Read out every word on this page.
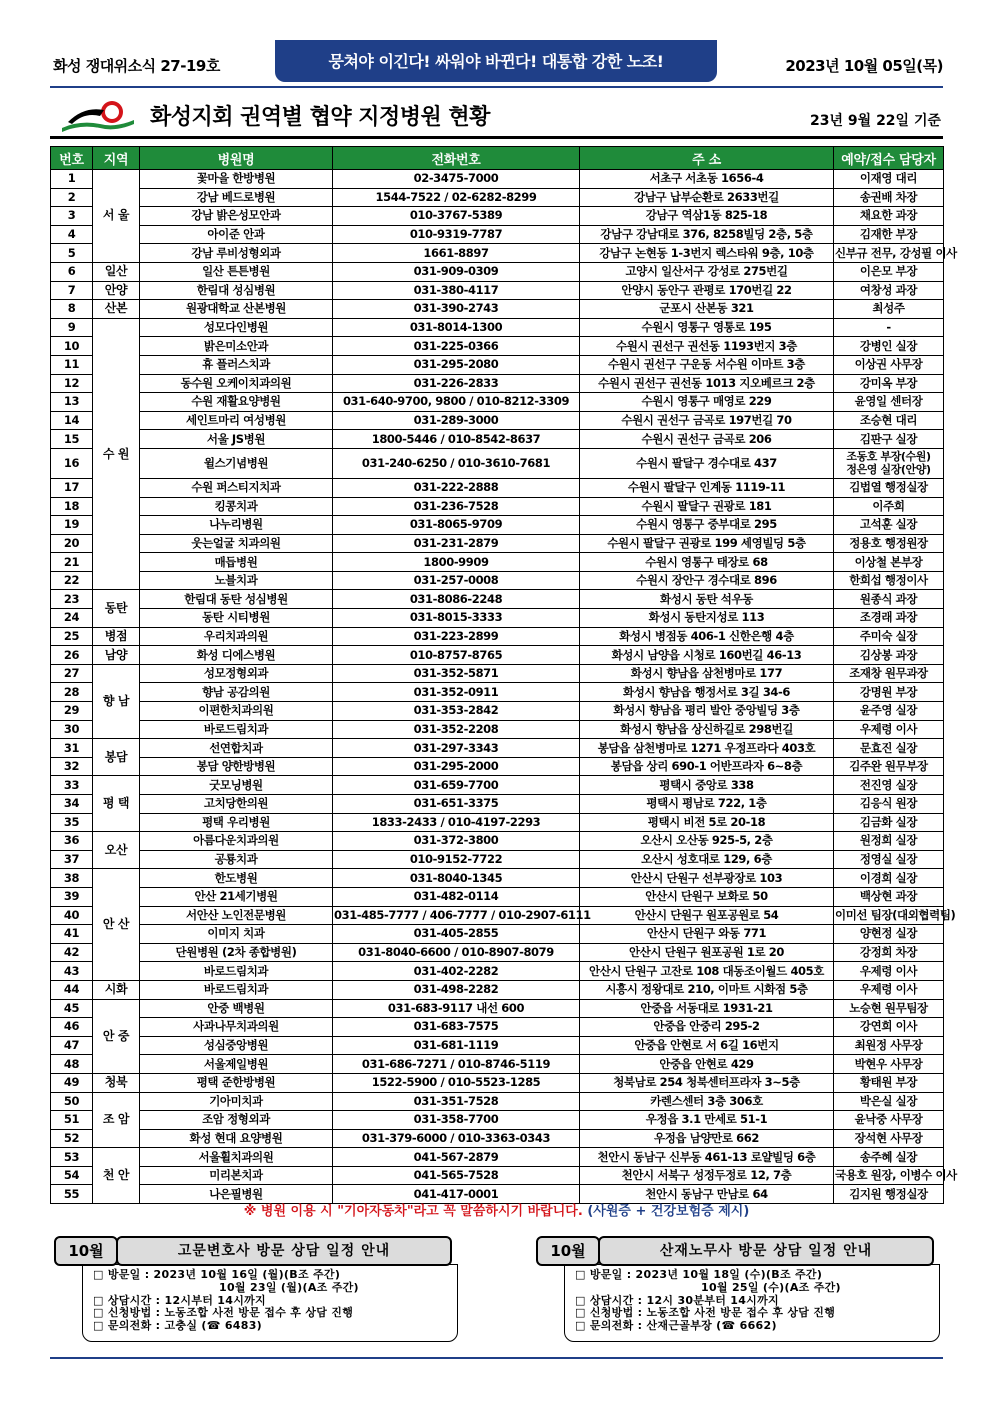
화성 쟁대위소식 27-19호	뭉쳐야 이긴다! 싸워야 바뀐다! 대통합 강한 노조!	2023년 10월 05일(목)
화성지회 권역별 협약 지정병원 현황	23년 9월 22일 기준
번호	지역	병원명	전화번호	주 소	예약/접수 담당자
1	서 울	꽃마을 한방병원	02-3475-7000	서초구 서초동 1656-4	이재영 대리
2		강남 베드로병원	1544-7522 / 02-6282-8299	강남구 납부순환로 2633번길	송권배 차장
3		강남 밝은성모안과	010-3767-5389	강남구 역삼1동 825-18	채요한 과장
4		아이준 안과	010-9319-7787	강남구 강남대로 376, 8258빌딩 2층, 5층	김재한 부장
5		강남 루비성형외과	1661-8897	강남구 논현동 1-3번지 렉스타워 9층, 10층	신부규 전무, 강성필 이사
6	일산	일산 튼튼병원	031-909-0309	고양시 일산서구 강성로 275번길	이은모 부장
7	안양	한림대 성심병원	031-380-4117	안양시 동안구 관평로 170번길 22	여창성 과장
8	산본	원광대학교 산본병원	031-390-2743	군포시 산본동 321	최성주
9	수 원	성모다인병원	031-8014-1300	수원시 영통구 영통로 195	-
10		밝은미소안과	031-225-0366	수원시 권선구 권선동 1193번지 3층	강병인 실장
11		휴 플러스치과	031-295-2080	수원시 권선구 구운동 서수원 이마트 3층	이상권 사무장
12		동수원 오케이치과의원	031-226-2833	수원시 권선구 권선동 1013 지오베르크 2층	강미옥 부장
13		수원 재활요양병원	031-640-9700, 9800 / 010-8212-3309	수원시 영통구 매영로 229	윤영일 센터장
14		세인트마리 여성병원	031-289-3000	수원시 권선구 금곡로 197번길 70	조승현 대리
15		서울 JS병원	1800-5446 / 010-8542-8637	수원시 권선구 금곡로 206	김판구 실장
16		윌스기념병원	031-240-6250 / 010-3610-7681	수원시 팔달구 경수대로 437	조동호 부장(수원)
정은영 실장(안양)

17		수원 퍼스티지치과	031-222-2888	수원시 팔달구 인계동 1119-11	김법열 행정실장
18		킹콩치과	031-236-7528	수원시 팔달구 권광로 181	이주희
19		나누리병원	031-8065-9709	수원시 영통구 중부대로 295	고석훈 실장
20		웃는얼굴 치과의원	031-231-2879	수원시 팔달구 권광로 199 세영빌딩 5층	정용호 행정원장
21		매듭병원	1800-9909	수원시 영통구 태장로 68	이상철 본부장
22		노블치과	031-257-0008	수원시 장안구 경수대로 896	한희섭 행정이사
23	동탄	한림대 동탄 성심병원	031-8086-2248	화성시 동탄 석우동	원종식 과장
24		동탄 시티병원	031-8015-3333	화성시 동탄지성로 113	조경래 과장
25	병점	우리치과의원	031-223-2899	화성시 병점동 406-1 신한은행 4층	주미숙 실장
26	남양	화성 디에스병원	010-8757-8765	화성시 남양읍 시청로 160번길 46-13	김상봉 과장
27	향 남	성모정형외과	031-352-5871	화성시 향남읍 삼천병마로 177	조재창 원무과장
28		향남 공감의원	031-352-0911	화성시 향남읍 행정서로 3길 34-6	강명원 부장
29		이편한치과의원	031-353-2842	화성시 향남읍 평리 발안 중앙빌딩 3층	윤주영 실장
30		바로드림치과	031-352-2208	화성시 향남읍 상신하길로 298번길	우제령 이사
31	봉담	선연합치과	031-297-3343	봉담읍 삼천병마로 1271 우정프라다 403호	문효진 실장
32		봉담 양한방병원	031-295-2000	봉담읍 상리 690-1 어반프라자 6~8층	김주완 원무부장
33	평 택	굿모닝병원	031-659-7700	평택시 중앙로 338	전진영 실장
34		고치당한의원	031-651-3375	평택시 평남로 722, 1층	김응식 원장
35		평택 우리병원	1833-2433 / 010-4197-2293	평택시 비전 5로 20-18	김금화 실장
36	오산	아름다운치과의원	031-372-3800	오산시 오산동 925-5, 2층	원정희 실장
37		공룡치과	010-9152-7722	오산시 성호대로 129, 6층	정영실 실장
38	안 산	한도병원	031-8040-1345	안산시 단원구 선부광장로 103	이경희 실장
39		안산 21세기병원	031-482-0114	안산시 단원구 보화로 50	백상현 과장
40		서안산 노인전문병원	031-485-7777 / 406-7777 / 010-2907-6111	안산시 단원구 원포공원로 54	이미선 팀장(대외협력팀)
41		이미지 치과	031-405-2855	안산시 단원구 와동 771	양현정 실장
42		단원병원 (2차 종합병원)	031-8040-6600 / 010-8907-8079	안산시 단원구 원포공원 1로 20	강정희 차장
43		바로드림치과	031-402-2282	안산시 단원구 고잔로 108 대동조이월드 405호	우제령 이사
44	시화	바로드림치과	031-498-2282	시흥시 정왕대로 210, 이마트 시화점 5층	우제령 이사
45	안 중	안중 백병원	031-683-9117 내선 600	안중읍 서동대로 1931-21	노승현 원무팀장
46		사과나무치과의원	031-683-7575	안중읍 안중리 295-2	강연희 이사
47		성심중앙병원	031-681-1119	안중읍 안현로 서 6길 16번지	최원정 사무장
48		서울제일병원	031-686-7271 / 010-8746-5119	안중읍 안현로 429	박현우 사무장
49	청북	평택 준한방병원	1522-5900 / 010-5523-1285	청북남로 254 청북센터프라자 3~5층	황태원 부장
50	조 암	기아미치과	031-351-7528	카렌스센터 3층 306호	박은실 실장
51		조암 정형외과	031-358-7700	우정읍 3.1 만세로 51-1	윤낙중 사무장
52		화성 현대 요양병원	031-379-6000 / 010-3363-0343	우정읍 남양만로 662	장석현 사무장
53	천 안	서울휠치과의원	041-567-2879	천안시 동남구 신부동 461-13 로얄빌딩 6층	송주혜 실장
54		미리본치과	041-565-7528	천안시 서북구 성정두정로 12, 7층	국용호 원장, 이병수 이사
55		나은필병원	041-417-0001	천안시 동남구 만남로 64	김지원 행정실장
※ 병원 이용 시 "기아자동차"라고 꼭 말씀하시기 바랍니다. (사원증 + 건강보험증 제시)
10월	고문변호사 방문 상담 일정 안내
□ 방문일 : 2023년 10월 16일 (월)(B조 주간)
10월 23일 (월)(A조 주간)
□ 상담시간 : 12시부터 14시까지
□ 신청방법 : 노동조합 사전 방문 접수 후 상담 진행
□ 문의전화 : 고충실 (☎ 6483)
10월	산재노무사 방문 상담 일정 안내
□ 방문일 : 2023년 10월 18일 (수)(B조 주간)
10월 25일 (수)(A조 주간)
□ 상담시간 : 12시 30분부터 14시까지
□ 신청방법 : 노동조합 사전 방문 접수 후 상담 진행
□ 문의전화 : 산재근골부장 (☎ 6662)
